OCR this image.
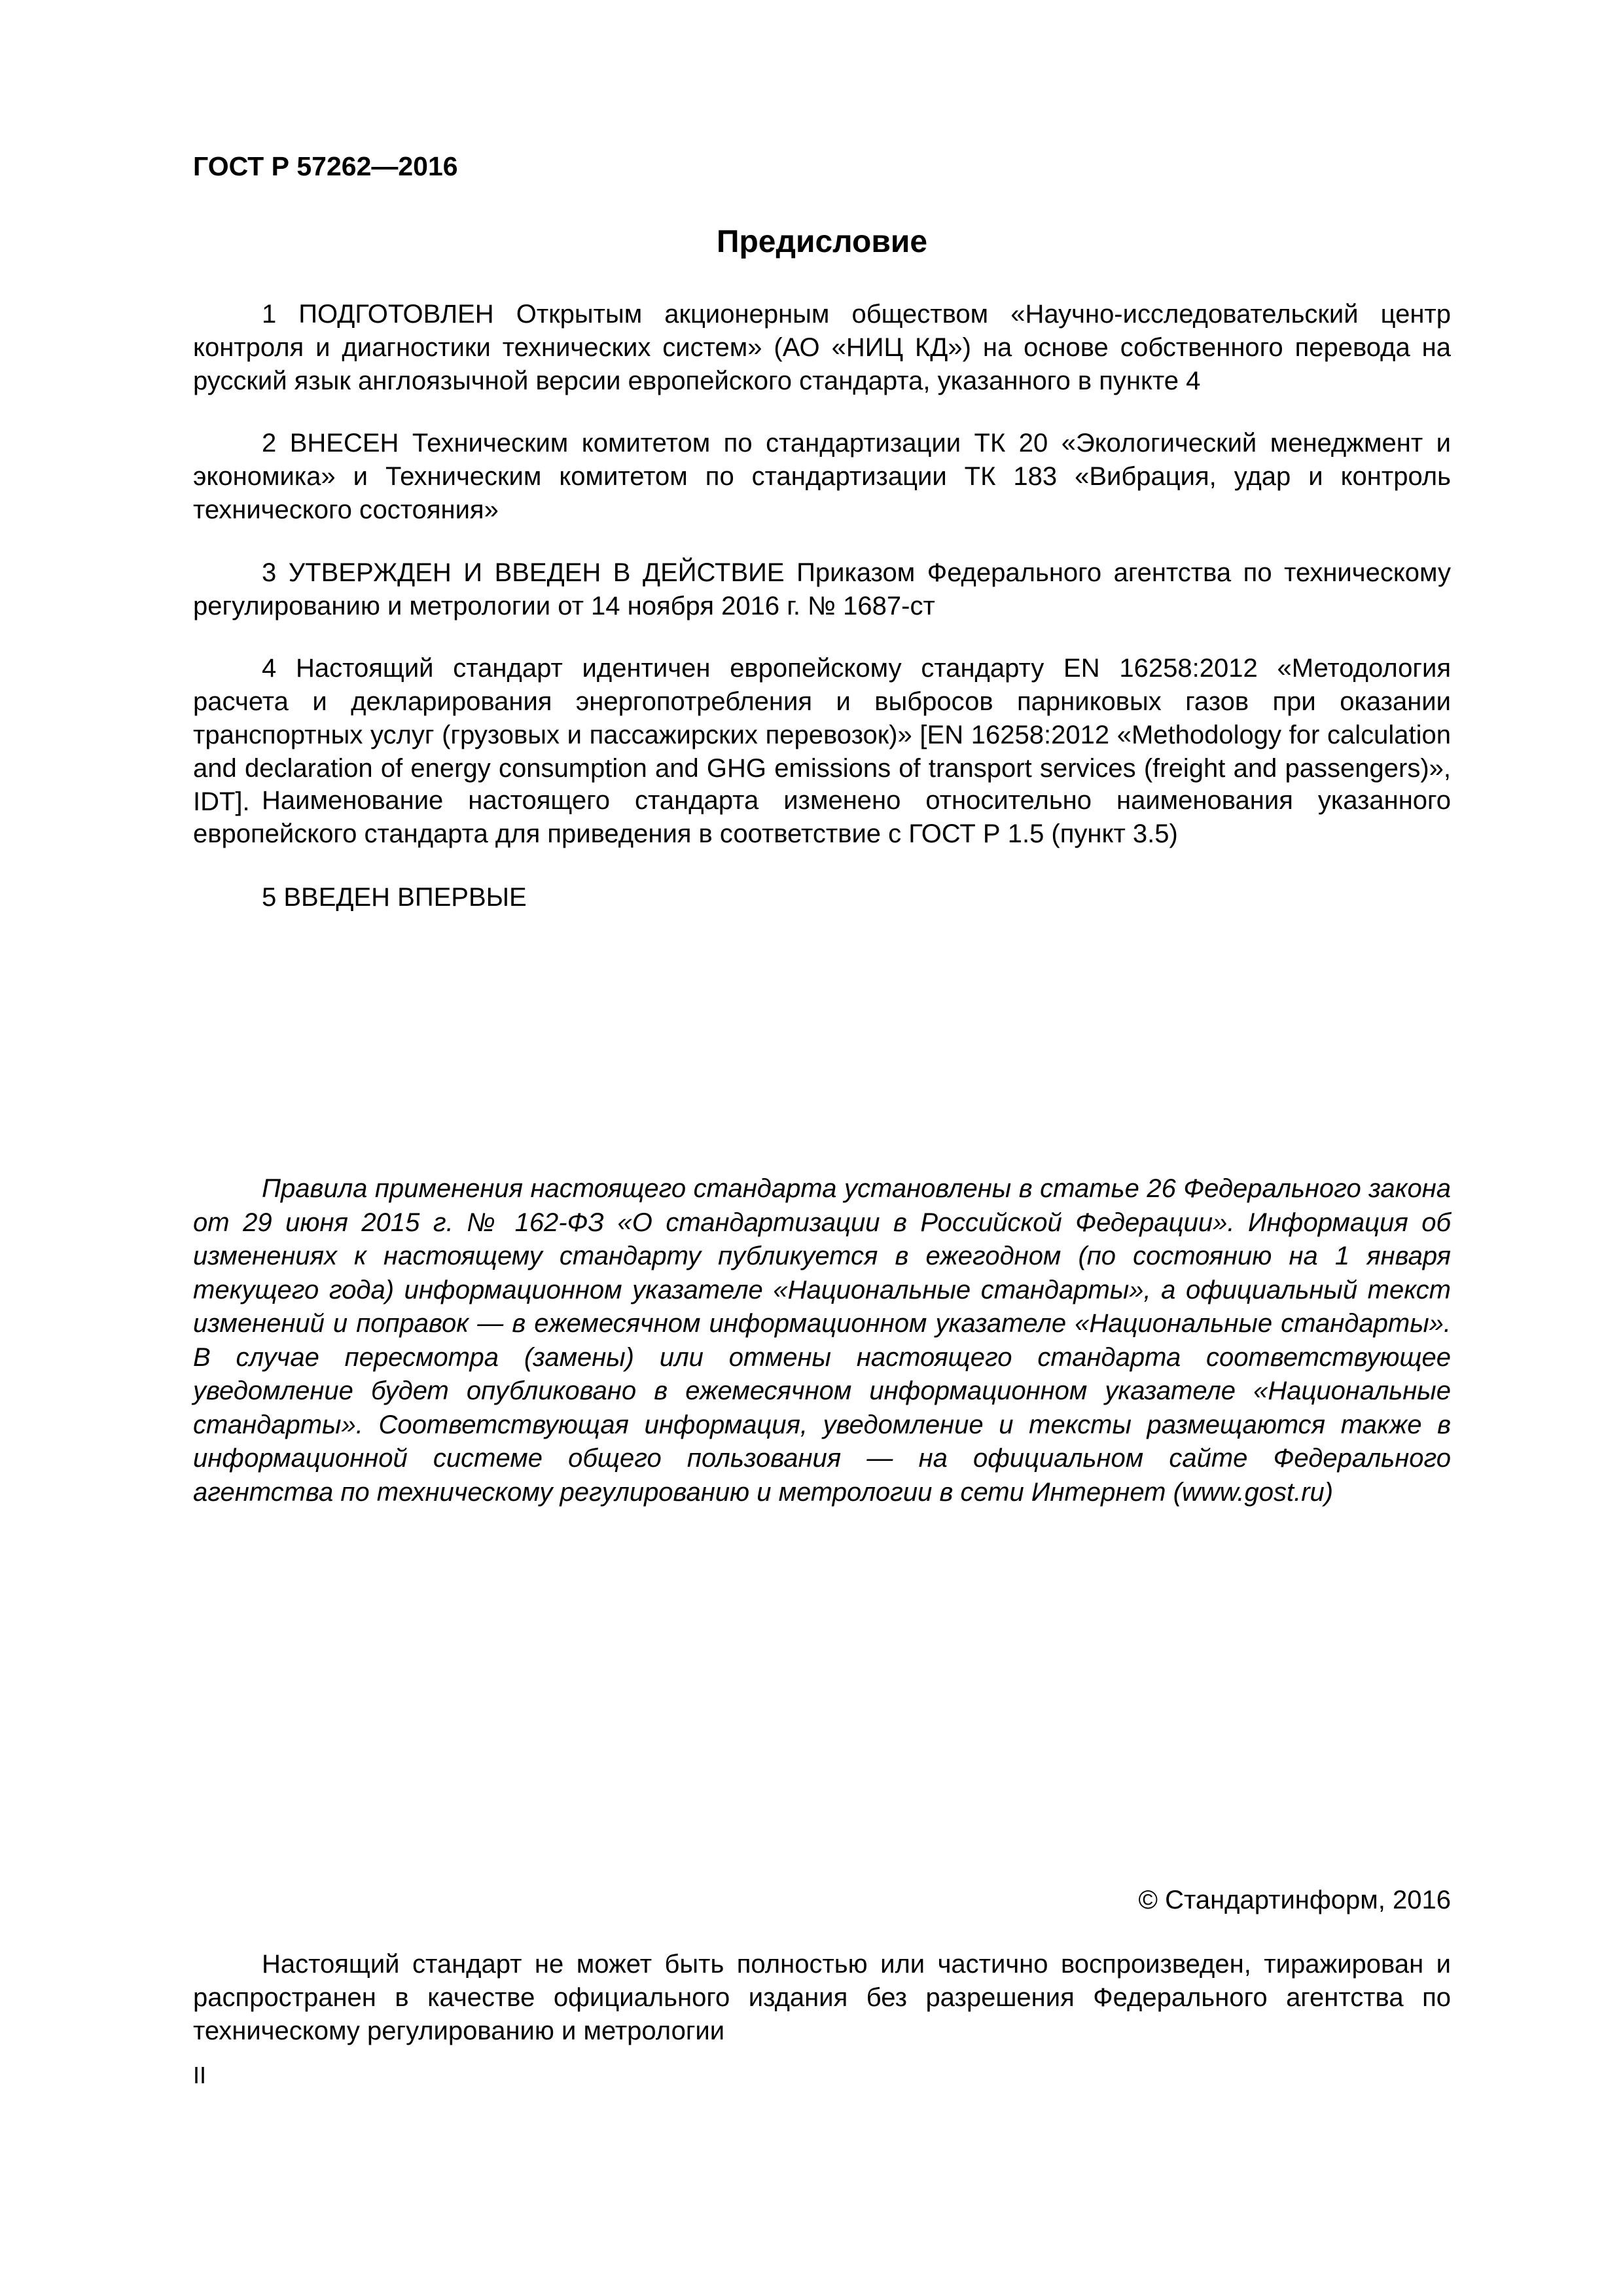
ГОСТ Р 57262—2016
Предисловие

1 ПОДГОТОВЛЕН Открытым акционерным обществом «Научно-исследовательский центр контроля и диагностики технических систем» (АО «НИЦ КД») на основе собственного перевода на русский язык англоязычной версии европейского стандарта, указанного в пункте 4

2 ВНЕСЕН Техническим комитетом по стандартизации ТК 20 «Экологический менеджмент и экономика» и Техническим комитетом по стандартизации ТК 183 «Вибрация, удар и контроль технического состояния»

3 УТВЕРЖДЕН И ВВЕДЕН В ДЕЙСТВИЕ Приказом Федерального агентства по техническому регулированию и метрологии от 14 ноября 2016 г. № 1687-ст

4 Настоящий стандарт идентичен европейскому стандарту EN 16258:2012 «Методология расчета и декларирования энергопотребления и выбросов парниковых газов при оказании транспортных услуг (грузовых и пассажирских перевозок)» [EN 16258:2012 «Methodology for calculation and declaration of energy consumption and GHG emissions of transport services (freight and passengers)», IDT]. Наименование настоящего стандарта изменено относительно наименования указанного европейского стандарта для приведения в соответствие с ГОСТ Р 1.5 (пункт 3.5)

5 ВВЕДЕН ВПЕРВЫЕ

Правила применения настоящего стандарта установлены в статье 26 Федерального закона от 29 июня 2015 г. № 162-ФЗ «О стандартизации в Российской Федерации». Информация об изменениях к настоящему стандарту публикуется в ежегодном (по состоянию на 1 января текущего года) информационном указателе «Национальные стандарты», а официальный текст изменений и поправок — в ежемесячном информационном указателе «Национальные стандарты». В случае пересмотра (замены) или отмены настоящего стандарта соответствующее уведомление будет опубликовано в ежемесячном информационном указателе «Национальные стандарты». Соответствующая информация, уведомление и тексты размещаются также в информационной системе общего пользования — на официальном сайте Федерального агентства по техническому регулированию и метрологии в сети Интернет (www.gost.ru)

© Стандартинформ, 2016

Настоящий стандарт не может быть полностью или частично воспроизведен, тиражирован и распространен в качестве официального издания без разрешения Федерального агентства по техническому регулированию и метрологии

II
